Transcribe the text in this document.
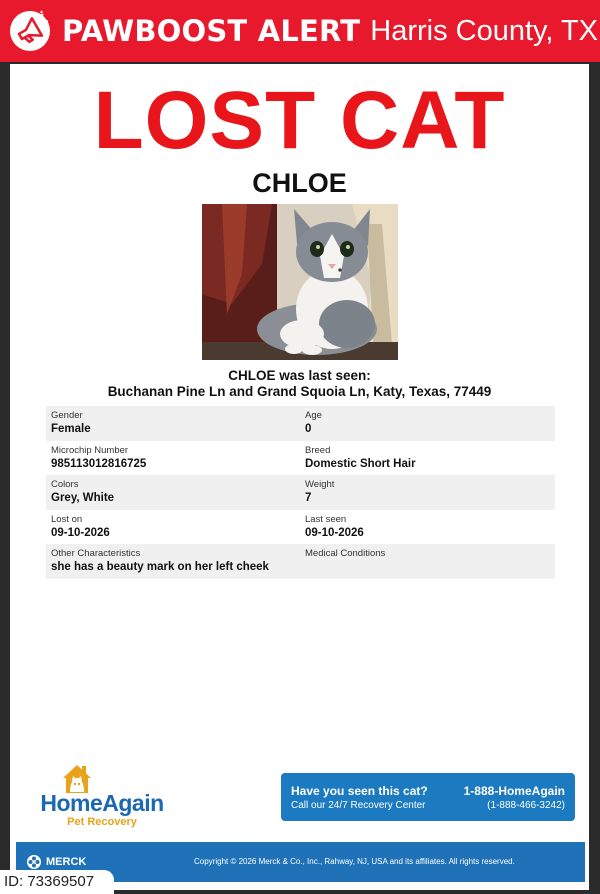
PAWBOOST ALERT Harris County, TX
LOST CAT
CHLOE
CHLOE was last seen:
Buchanan Pine Ln and Grand Squoia Ln, Katy, Texas, 77449
Gender
Female
Age
0
Microchip Number
985113012816725
Breed
Domestic Short Hair
Colors
Grey, White
Weight
7
Lost on
09-10-2026
Last seen
09-10-2026
Other Characteristics
she has a beauty mark on her left cheek
Medical Conditions
HomeAgain
Pet Recovery
Have you seen this cat?
Call our 24/7 Recovery Center
1-888-HomeAgain
(1-888-466-3242)
MERCK	Copyright © 2026 Merck & Co., Inc., Rahway, NJ, USA and its affiliates. All rights reserved.
ID: 73369507
